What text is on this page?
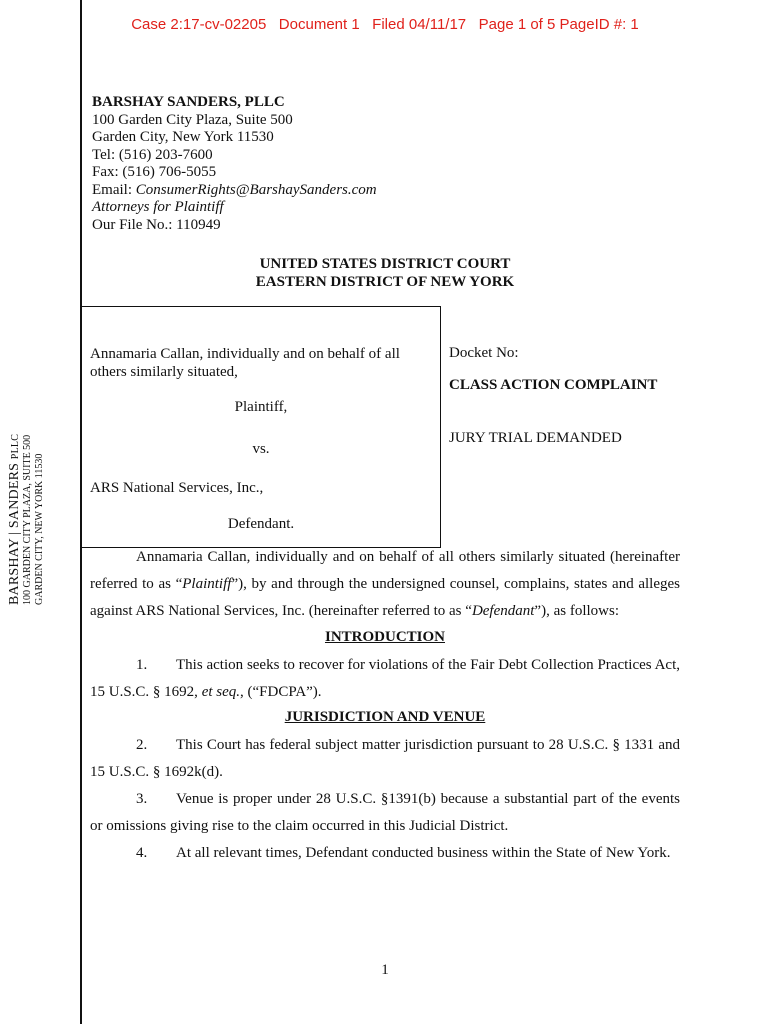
Case 2:17-cv-02205   Document 1   Filed 04/11/17   Page 1 of 5 PageID #: 1
BARSHAY | SANDERS PLLC 100 GARDEN CITY PLAZA, SUITE 500 GARDEN CITY, NEW YORK 11530
BARSHAY SANDERS, PLLC
100 Garden City Plaza, Suite 500
Garden City, New York 11530
Tel: (516) 203-7600
Fax: (516) 706-5055
Email: ConsumerRights@BarshaySanders.com
Attorneys for Plaintiff
Our File No.: 110949
UNITED STATES DISTRICT COURT
EASTERN DISTRICT OF NEW YORK
Annamaria Callan, individually and on behalf of all others similarly situated,
Plaintiff,
vs.
ARS National Services, Inc.,
Defendant.
Docket No:
CLASS ACTION COMPLAINT
JURY TRIAL DEMANDED
Annamaria Callan, individually and on behalf of all others similarly situated (hereinafter referred to as “Plaintiff”), by and through the undersigned counsel, complains, states and alleges against ARS National Services, Inc. (hereinafter referred to as “Defendant”), as follows:
INTRODUCTION
1. This action seeks to recover for violations of the Fair Debt Collection Practices Act, 15 U.S.C. § 1692, et seq., (“FDCPA”).
JURISDICTION AND VENUE
2. This Court has federal subject matter jurisdiction pursuant to 28 U.S.C. § 1331 and 15 U.S.C. § 1692k(d).
3. Venue is proper under 28 U.S.C. §1391(b) because a substantial part of the events or omissions giving rise to the claim occurred in this Judicial District.
4. At all relevant times, Defendant conducted business within the State of New York.
1
